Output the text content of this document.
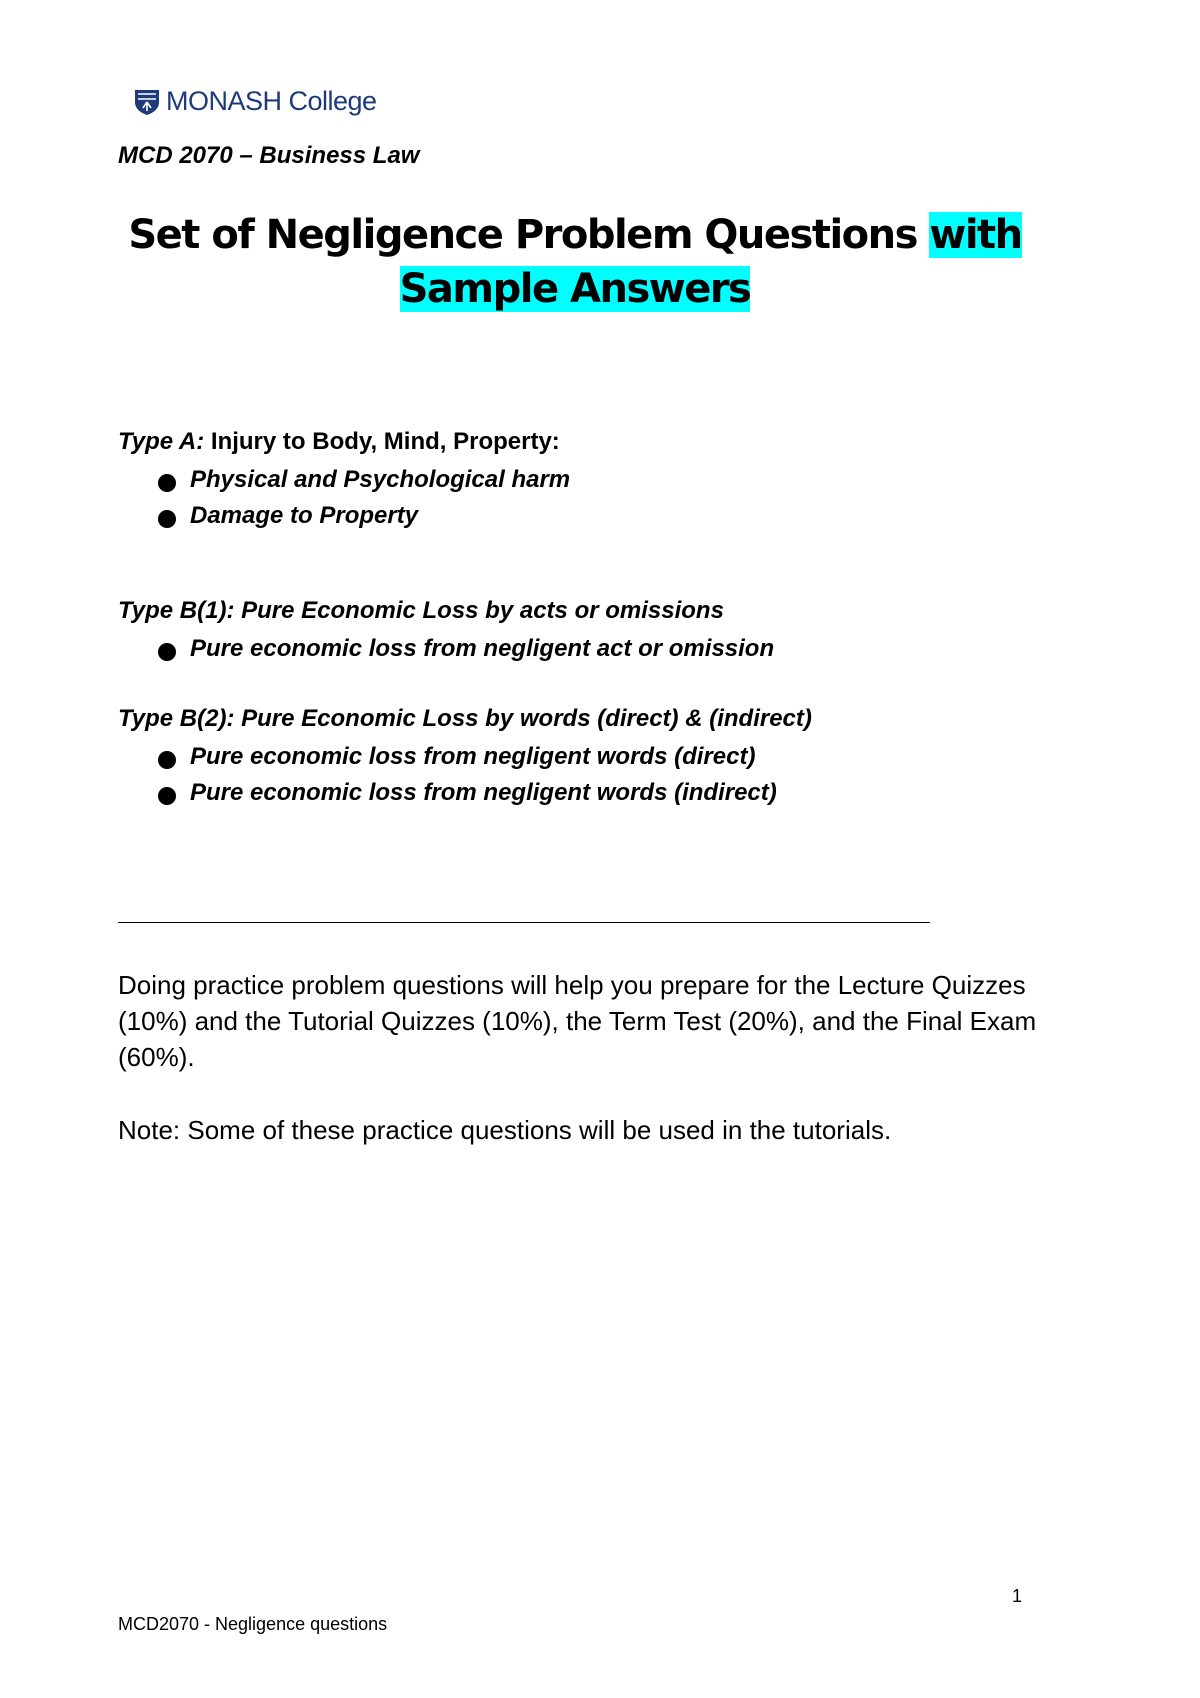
MONASH College
MCD 2070 – Business Law
Set of Negligence Problem Questions with
Sample Answers
Type A: Injury to Body, Mind, Property:
Physical and Psychological harm
Damage to Property
Type B(1): Pure Economic Loss by acts or omissions
Pure economic loss from negligent act or omission
Type B(2): Pure Economic Loss by words (direct) & (indirect)
Pure economic loss from negligent words (direct)
Pure economic loss from negligent words (indirect)
Doing practice problem questions will help you prepare for the Lecture Quizzes (10%) and the Tutorial Quizzes (10%), the Term Test (20%), and the Final Exam (60%).
Note: Some of these practice questions will be used in the tutorials.
1
MCD2070 - Negligence questions
